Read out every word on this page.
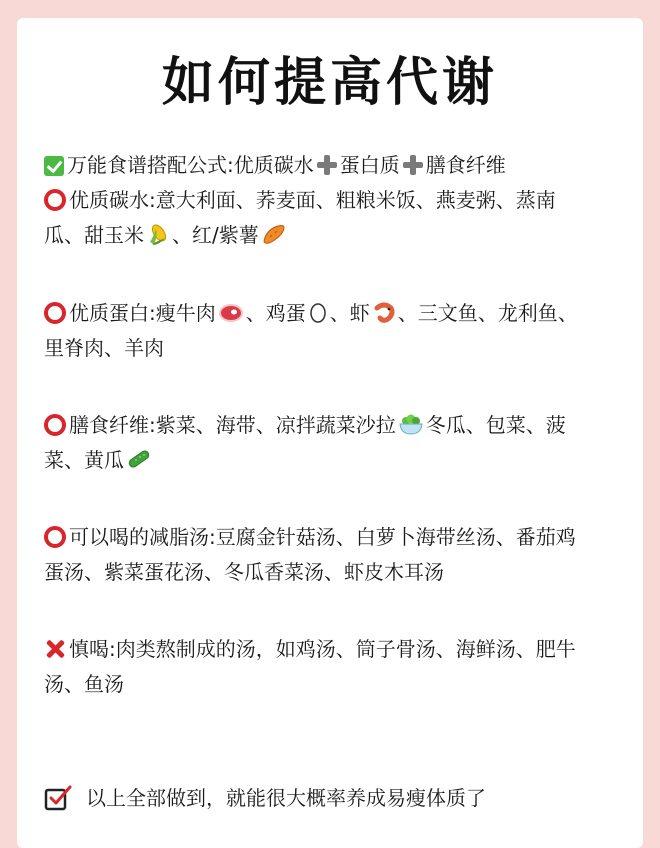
如何提高代谢
万能食谱搭配公式:优质碳水 蛋白质 膳食纤维
优质碳水:意大利面、荞麦面、粗粮米饭、燕麦粥、蒸南
瓜、甜玉米 、红/紫薯
优质蛋白:瘦牛肉 、鸡蛋 、虾 、三文鱼、龙利鱼、
里脊肉、羊肉
膳食纤维:紫菜、海带、凉拌蔬菜沙拉 冬瓜、包菜、菠
菜、黄瓜
可以喝的减脂汤:豆腐金针菇汤、白萝卜海带丝汤、番茄鸡
蛋汤、紫菜蛋花汤、冬瓜香菜汤、虾皮木耳汤
慎喝:肉类熬制成的汤，如鸡汤、筒子骨汤、海鲜汤、肥牛
汤、鱼汤
以上全部做到，就能很大概率养成易瘦体质了
